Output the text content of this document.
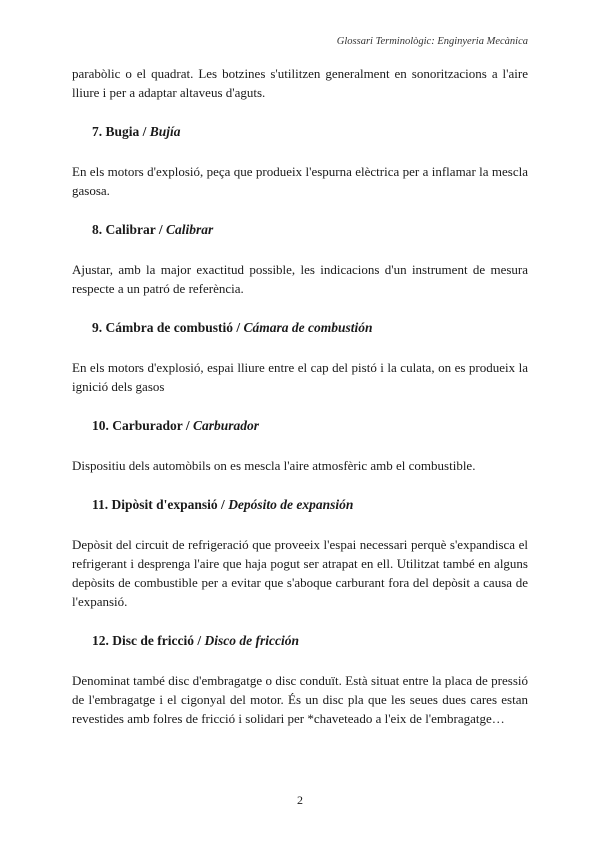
Glossari Terminològic: Enginyeria Mecànica

parabòlic o el quadrat. Les botzines s'utilitzen generalment en sonoritzacions a l'aire lliure i per a adaptar altaveus d'aguts.

7. Bugia / Bujía

En els motors d'explosió, peça que produeix l'espurna elèctrica per a inflamar la mescla gasosa.

8. Calibrar / Calibrar

Ajustar, amb la major exactitud possible, les indicacions d'un instrument de mesura respecte a un patró de referència.

9. Cámbra de combustió / Cámara de combustión

En els motors d'explosió, espai lliure entre el cap del pistó i la culata, on es produeix la ignició dels gasos

10. Carburador / Carburador

Dispositiu dels automòbils on es mescla l'aire atmosfèric amb el combustible.

11. Dipòsit d'expansió / Depósito de expansión

Depòsit del circuit de refrigeració que proveeix l'espai necessari perquè s'expandisca el refrigerant i desprenga l'aire que haja pogut ser atrapat en ell. Utilitzat també en alguns depòsits de combustible per a evitar que s'aboque carburant fora del depòsit a causa de l'expansió.

12. Disc de fricció / Disco de fricción

Denominat també disc d'embragatge o disc conduït. Està situat entre la placa de pressió de l'embragatge i el cigonyal del motor. És un disc pla que les seues dues cares estan revestides amb folres de fricció i solidari per *chaveteado a l'eix de l'embragatge…

2
